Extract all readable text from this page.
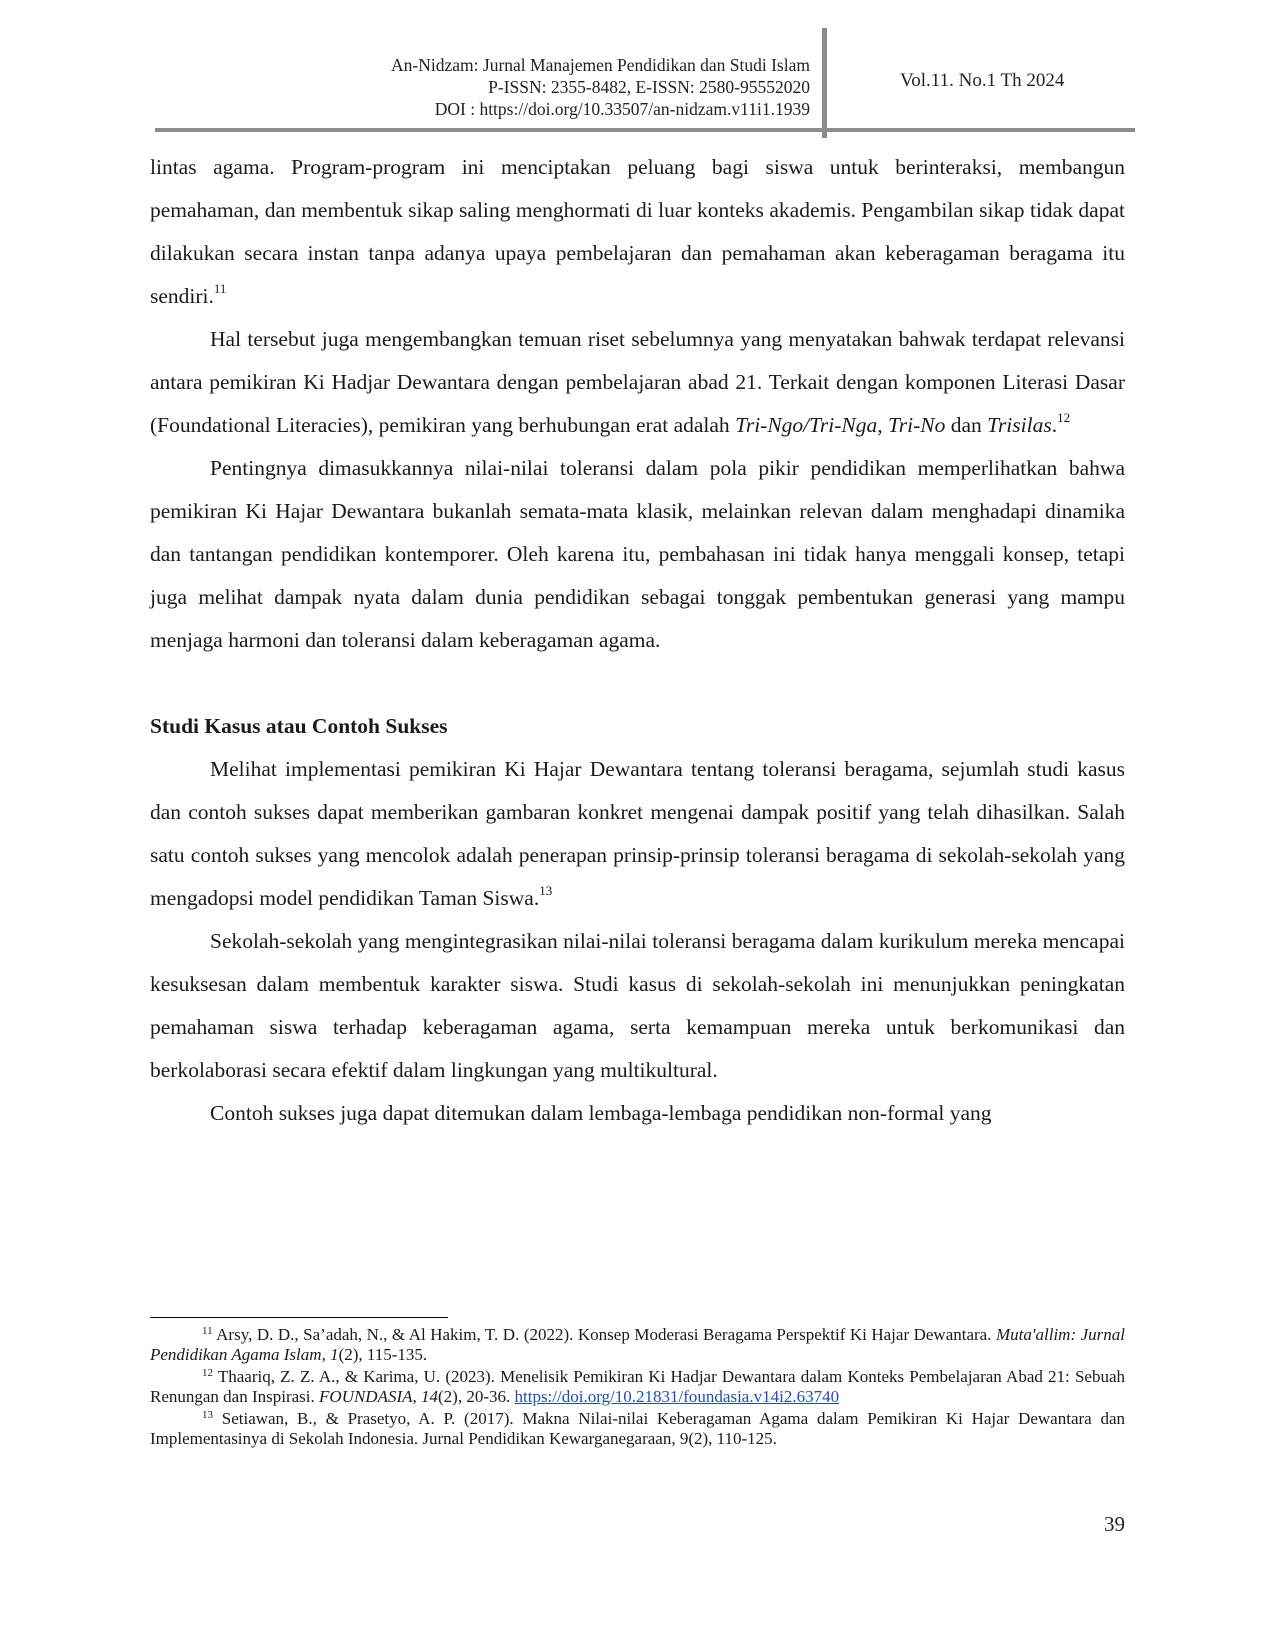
An-Nidzam: Jurnal Manajemen Pendidikan dan Studi Islam
P-ISSN: 2355-8482, E-ISSN: 2580-95552020
DOI : https://doi.org/10.33507/an-nidzam.v11i1.1939
Vol.11. No.1 Th 2024

lintas agama. Program-program ini menciptakan peluang bagi siswa untuk berinteraksi, membangun pemahaman, dan membentuk sikap saling menghormati di luar konteks akademis. Pengambilan sikap tidak dapat dilakukan secara instan tanpa adanya upaya pembelajaran dan pemahaman akan keberagaman beragama itu sendiri.$^{11}$

Hal tersebut juga mengembangkan temuan riset sebelumnya yang menyatakan bahwak terdapat relevansi antara pemikiran Ki Hadjar Dewantara dengan pembelajaran abad 21. Terkait dengan komponen Literasi Dasar (Foundational Literacies), pemikiran yang berhubungan erat adalah Tri-Ngo/Tri-Nga, Tri-No dan Trisilas.$^{12}$

Pentingnya dimasukkannya nilai-nilai toleransi dalam pola pikir pendidikan memperlihatkan bahwa pemikiran Ki Hajar Dewantara bukanlah semata-mata klasik, melainkan relevan dalam menghadapi dinamika dan tantangan pendidikan kontemporer. Oleh karena itu, pembahasan ini tidak hanya menggali konsep, tetapi juga melihat dampak nyata dalam dunia pendidikan sebagai tonggak pembentukan generasi yang mampu menjaga harmoni dan toleransi dalam keberagaman agama.

Studi Kasus atau Contoh Sukses

Melihat implementasi pemikiran Ki Hajar Dewantara tentang toleransi beragama, sejumlah studi kasus dan contoh sukses dapat memberikan gambaran konkret mengenai dampak positif yang telah dihasilkan. Salah satu contoh sukses yang mencolok adalah penerapan prinsip-prinsip toleransi beragama di sekolah-sekolah yang mengadopsi model pendidikan Taman Siswa.$^{13}$

Sekolah-sekolah yang mengintegrasikan nilai-nilai toleransi beragama dalam kurikulum mereka mencapai kesuksesan dalam membentuk karakter siswa. Studi kasus di sekolah-sekolah ini menunjukkan peningkatan pemahaman siswa terhadap keberagaman agama, serta kemampuan mereka untuk berkomunikasi dan berkolaborasi secara efektif dalam lingkungan yang multikultural.

Contoh sukses juga dapat ditemukan dalam lembaga-lembaga pendidikan non-formal yang

$^{11}$ Arsy, D. D., Sa’adah, N., & Al Hakim, T. D. (2022). Konsep Moderasi Beragama Perspektif Ki Hajar Dewantara. Muta'allim: Jurnal Pendidikan Agama Islam, 1(2), 115-135.

$^{12}$ Thaariq, Z. Z. A., & Karima, U. (2023). Menelisik Pemikiran Ki Hadjar Dewantara dalam Konteks Pembelajaran Abad 21: Sebuah Renungan dan Inspirasi. FOUNDASIA, 14(2), 20-36. https://doi.org/10.21831/foundasia.v14i2.63740

$^{13}$ Setiawan, B., & Prasetyo, A. P. (2017). Makna Nilai-nilai Keberagaman Agama dalam Pemikiran Ki Hajar Dewantara dan Implementasinya di Sekolah Indonesia. Jurnal Pendidikan Kewarganegaraan, 9(2), 110-125.

39
